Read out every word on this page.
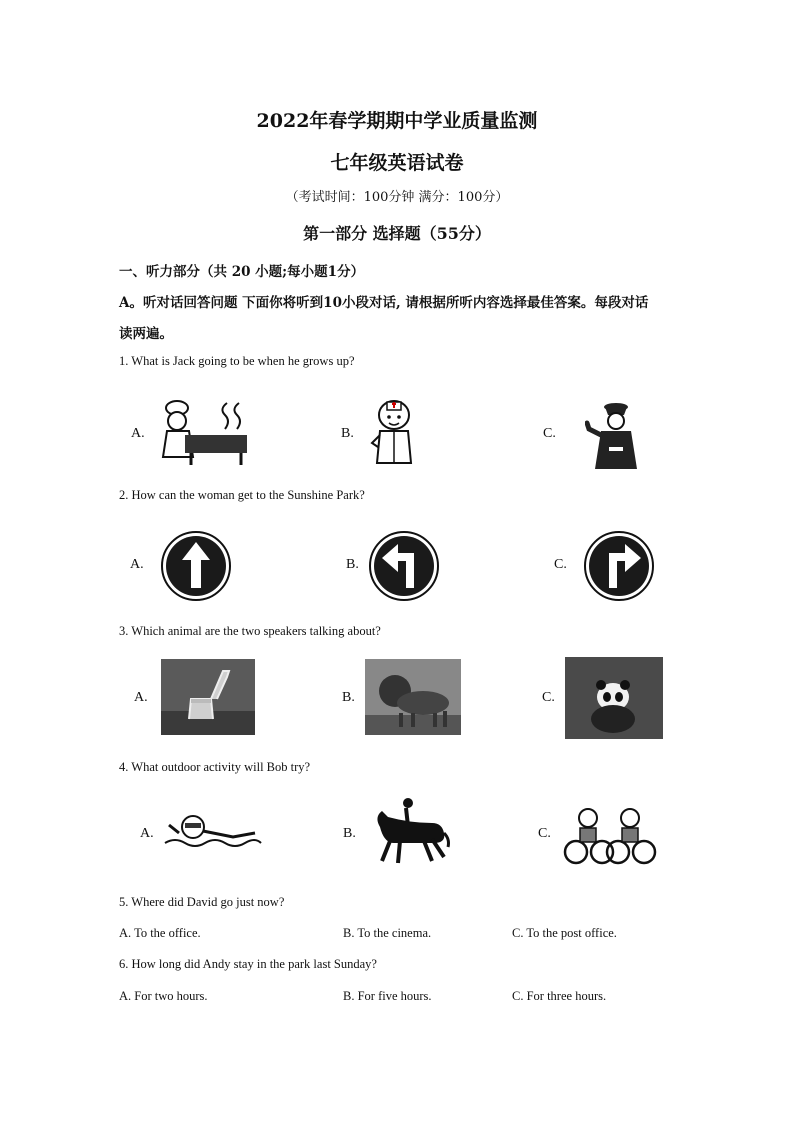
2022年春学期期中学业质量监测
七年级英语试卷
（考试时间：100分钟 满分：100分）
第一部分 选择题（55分）
一、听力部分（共 20 小题;每小题1分）
A。听对话回答问题 下面你将听到10小段对话, 请根据所听内容选择最佳答案。每段对话
读两遍。
1. What is Jack going to be when he grows up?
A.	B.	C.
2. How can the woman get to the Sunshine Park?
A.	B.	C.
3. Which animal are the two speakers talking about?
A.	B.	C.
4. What outdoor activity will Bob try?
A.	B.	C.
5. Where did David go just now?
A. To the office.	B. To the cinema.	C. To the post office.
6. How long did Andy stay in the park last Sunday?
A. For two hours.	B. For five hours.	C. For three hours.
